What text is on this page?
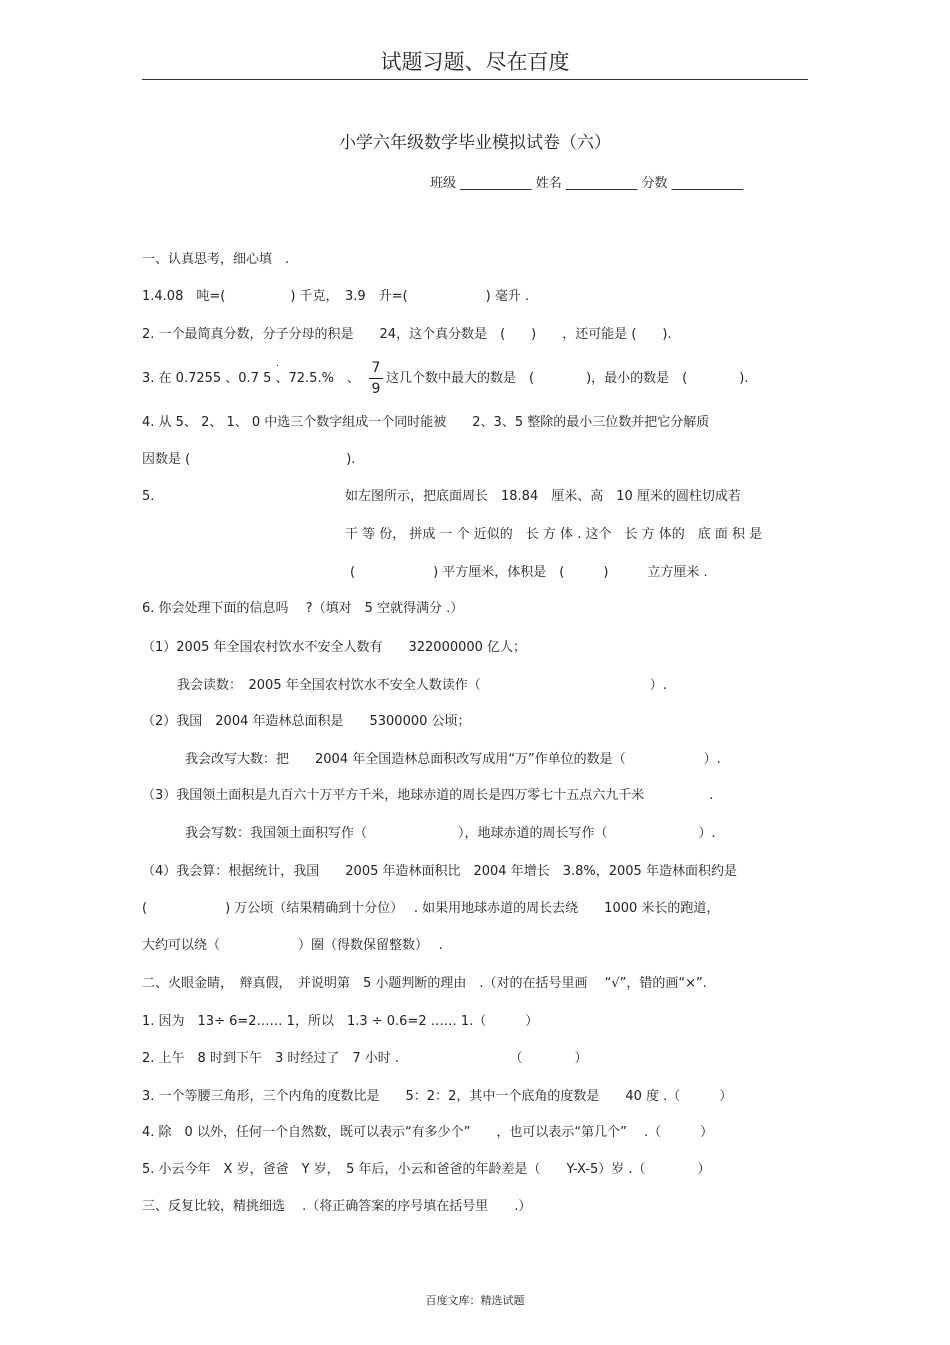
试题习题、尽在百度
小学六年级数学毕业模拟试卷（六）
班级 ___________ 姓名 ___________ 分数 ___________
一、认真思考，细心填　.
1.4.08　吨=(　　　　　) 千克，　3.9　升=(　　　　　　) 毫升 .
2. 一个最简真分数，分子分母的积是　　24，这个真分数是　(　　)　　，还可能是 (　　).
3. 在 0.7255 、0.7 5 、72.5.%　、
·	7
9
这几个数中最大的数是　(　　　　)，最小的数是　(　　　　).
4. 从 5、 2、 1、 0 中选三个数字组成一个同时能被　　2、3、5 整除的最小三位数并把它分解质
因数是 (　　　　　　　　　　　　).
5.	如左图所示，把底面周长　18.84　厘米、高　10 厘米的圆柱切成若
干 等 份， 拼成 一 个 近似的　长 方 体 . 这个　长 方 体的　底 面 积 是
(　　　　　　) 平方厘米，体积是　(　　　)　　　立方厘米 .
6. 你会处理下面的信息吗　 ?（填对　5 空就得满分 .）
（1）2005 年全国农村饮水不安全人数有　　322000000 亿人；
我会读数：　2005 年全国农村饮水不安全人数读作（　　　　　　　　　　　　　）.
（2）我国　2004 年造林总面积是　　5300000 公顷；
我会改写大数：把　　2004 年全国造林总面积改写成用“万”作单位的数是（　　　　　　）.
（3）我国领土面积是九百六十万平方千米，地球赤道的周长是四万零七十五点六九千米　　　　　.
我会写数：我国领土面积写作（　　　　　　　），地球赤道的周长写作（　　　　　　　）.
（4）我会算：根据统计，我国　　2005 年造林面积比　2004 年增长　3.8%，2005 年造林面积约是
(　　　　　　) 万公顷（结果精确到十分位）　 . 如果用地球赤道的周长去绕　　1000 米长的跑道，
大约可以绕（　　　　　　）圈（得数保留整数）　 .
二、火眼金睛，　辩真假，　并说明第　5 小题判断的理由　.（对的在括号里画　 “√”，错的画“×”.
1. 因为　13÷ 6=2…… 1，所以　1.3 ÷ 0.6=2 …… 1.（　　　）
2. 上午　8 时到下午　3 时经过了　7 小时 .　　　　　　　　　（　　　　）
3. 一个等腰三角形，三个内角的度数比是　　5：2：2，其中一个底角的度数是　　40 度 .（　　　）
4. 除　0 以外，任何一个自然数，既可以表示“有多少个”　　，也可以表示“第几个”　 .（　　　）
5. 小云今年　X 岁，爸爸　Y 岁，　5 年后，小云和爸爸的年龄差是（　　Y-X-5）岁 .（　　　　）
三、反复比较，精挑细选　 .（将正确答案的序号填在括号里　　.）
百度文库：精选试题
